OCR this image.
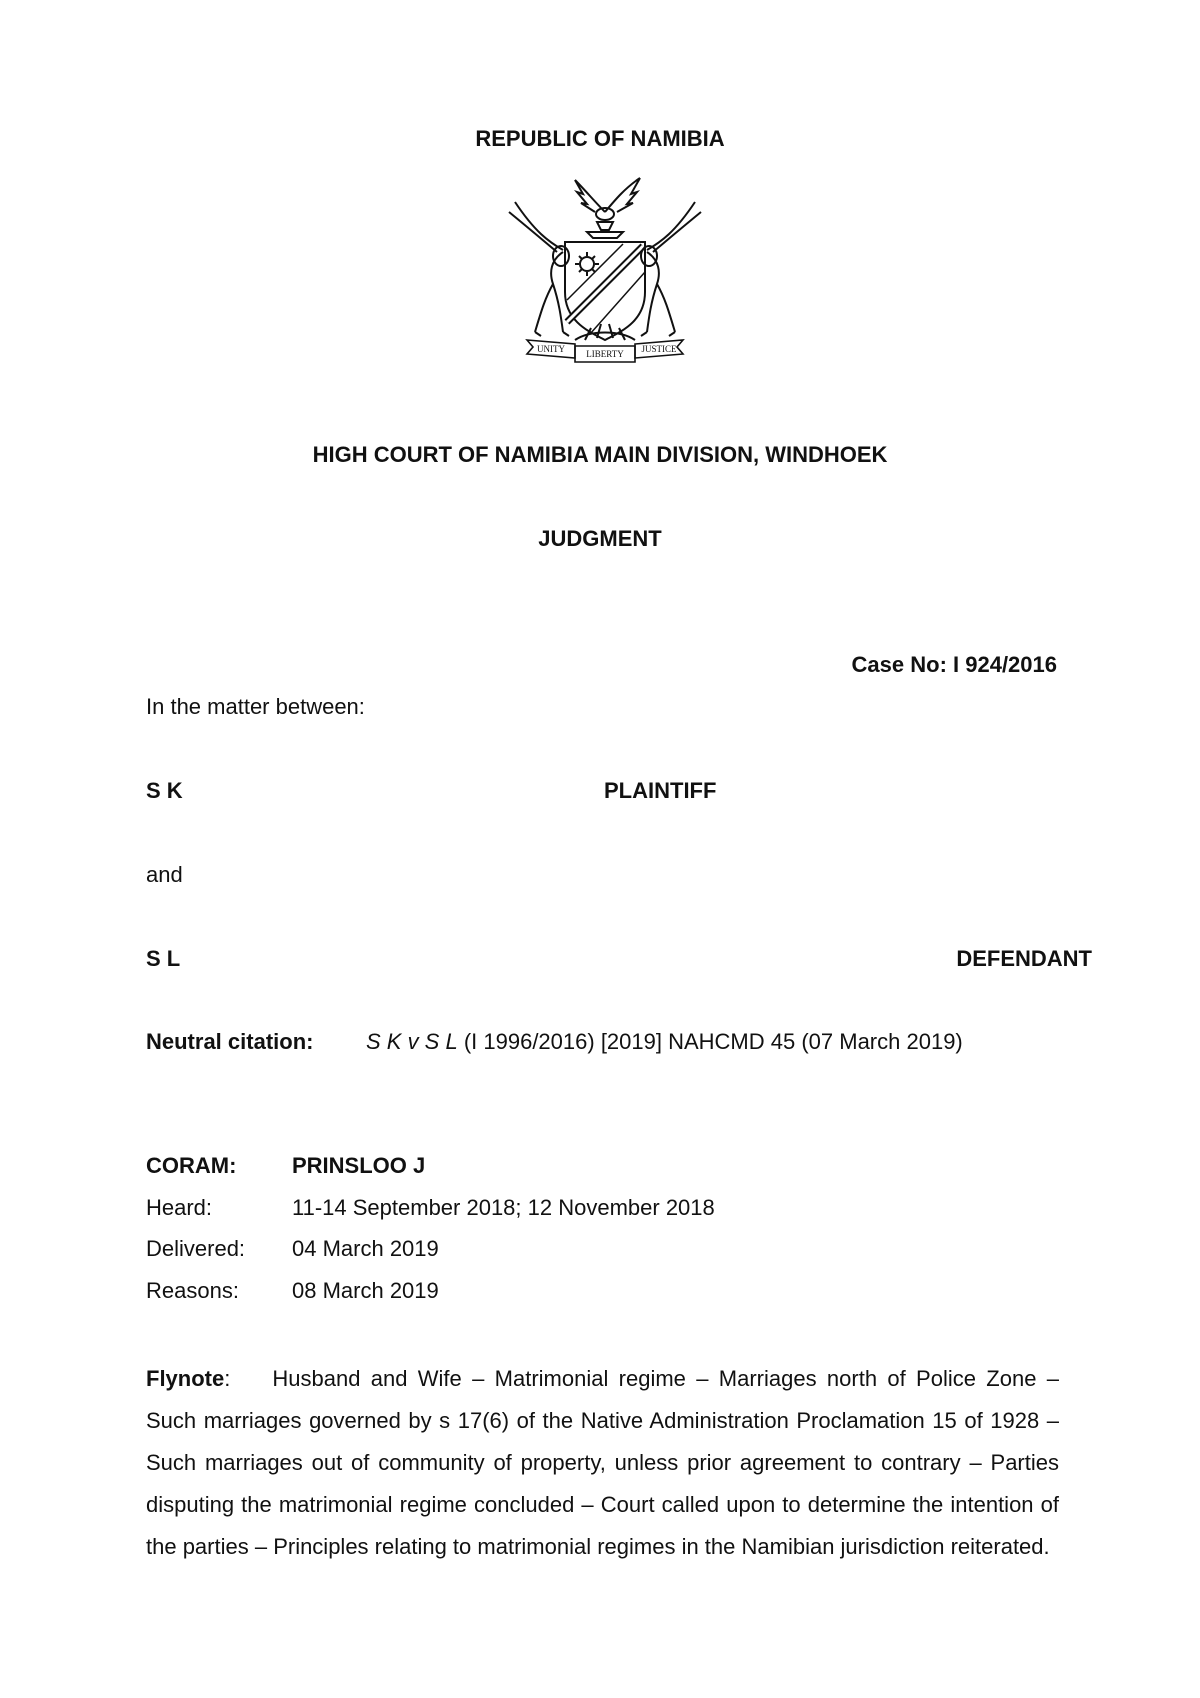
REPUBLIC OF NAMIBIA
UNITY LIBERTY JUSTICE
HIGH COURT OF NAMIBIA MAIN DIVISION, WINDHOEK
JUDGMENT
Case No: I 924/2016
In the matter between:
S K	PLAINTIFF
and
S L	DEFENDANT
Neutral citation: S K v S L (I 1996/2016) [2019] NAHCMD 45 (07 March 2019)
CORAM:	PRINSLOO J
Heard:	11-14 September 2018; 12 November 2018
Delivered: 04 March 2019
Reasons: 08 March 2019
Flynote: Husband and Wife – Matrimonial regime – Marriages north of Police Zone – Such marriages governed by s 17(6) of the Native Administration Proclamation 15 of 1928 – Such marriages out of community of property, unless prior agreement to contrary – Parties disputing the matrimonial regime concluded – Court called upon to determine the intention of the parties – Principles relating to matrimonial regimes in the Namibian jurisdiction reiterated.
